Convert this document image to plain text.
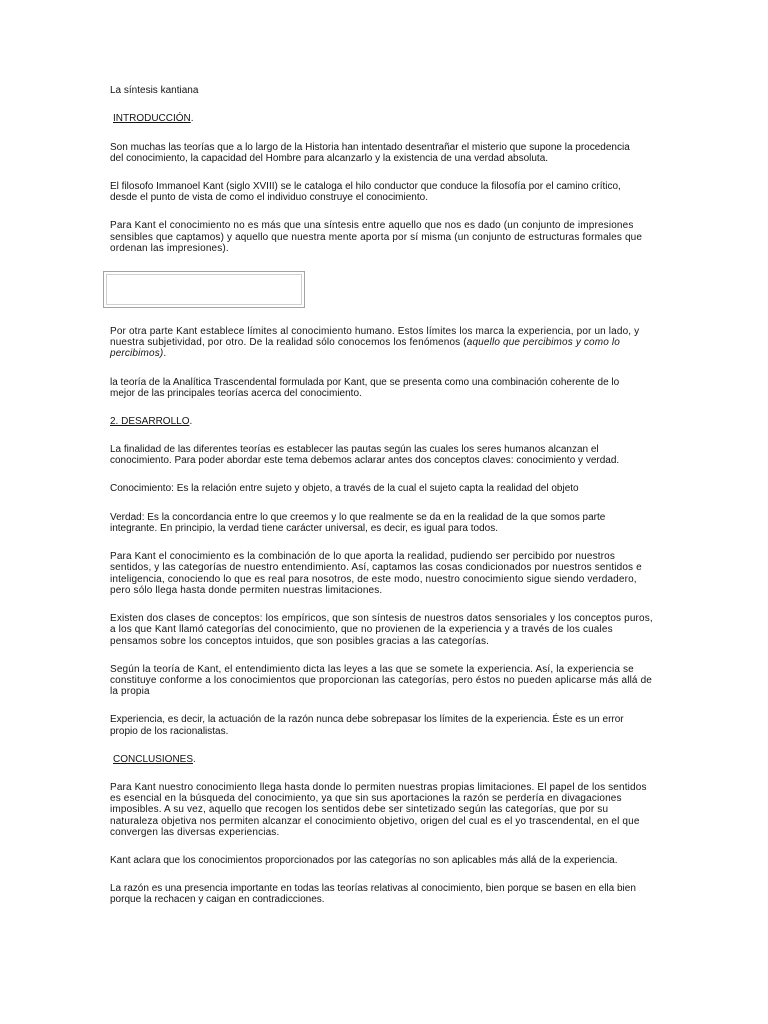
La síntesis kantiana
INTRODUCCIÓN.
Son muchas las teorías que a lo largo de la Historia han intentado desentrañar el misterio que supone la procedencia
del conocimiento, la capacidad del Hombre para alcanzarlo y la existencia de una verdad absoluta.
El filosofo Immanoel Kant (siglo XVIII) se le cataloga el hilo conductor que conduce la filosofía por el camino crítico,
desde el punto de vista de como el individuo construye el conocimiento.
Para Kant el conocimiento no es más que una síntesis entre aquello que nos es dado (un conjunto de impresiones
sensibles que captamos) y aquello que nuestra mente aporta por sí misma (un conjunto de estructuras formales que
ordenan las impresiones).
Por otra parte Kant establece límites al conocimiento humano. Estos límites los marca la experiencia, por un lado, y
nuestra subjetividad, por otro. De la realidad sólo conocemos los fenómenos (aquello que percibimos y como lo
percibimos).
la teoría de la Analítica Trascendental formulada por Kant, que se presenta como una combinación coherente de lo
mejor de las principales teorías acerca del conocimiento.
2. DESARROLLO.
La finalidad de las diferentes teorías es establecer las pautas según las cuales los seres humanos alcanzan el
conocimiento. Para poder abordar este tema debemos aclarar antes dos conceptos claves: conocimiento y verdad.
Conocimiento: Es la relación entre sujeto y objeto, a través de la cual el sujeto capta la realidad del objeto
Verdad: Es la concordancia entre lo que creemos y lo que realmente se da en la realidad de la que somos parte
integrante. En principio, la verdad tiene carácter universal, es decir, es igual para todos.
Para Kant el conocimiento es la combinación de lo que aporta la realidad, pudiendo ser percibido por nuestros
sentidos, y las categorías de nuestro entendimiento. Así, captamos las cosas condicionados por nuestros sentidos e
inteligencia, conociendo lo que es real para nosotros, de este modo, nuestro conocimiento sigue siendo verdadero,
pero sólo llega hasta donde permiten nuestras limitaciones.
Existen dos clases de conceptos: los empíricos, que son síntesis de nuestros datos sensoriales y los conceptos puros,
a los que Kant llamó categorías del conocimiento, que no provienen de la experiencia y a través de los cuales
pensamos sobre los conceptos intuidos, que son posibles gracias a las categorías.
Según la teoría de Kant, el entendimiento dicta las leyes a las que se somete la experiencia. Así, la experiencia se
constituye conforme a los conocimientos que proporcionan las categorías, pero éstos no pueden aplicarse más allá de
la propia
Experiencia, es decir, la actuación de la razón nunca debe sobrepasar los límites de la experiencia. Éste es un error
propio de los racionalistas.
CONCLUSIONES.
Para Kant nuestro conocimiento llega hasta donde lo permiten nuestras propias limitaciones. El papel de los sentidos
es esencial en la búsqueda del conocimiento, ya que sin sus aportaciones la razón se perdería en divagaciones
imposibles. A su vez, aquello que recogen los sentidos debe ser sintetizado según las categorías, que por su
naturaleza objetiva nos permiten alcanzar el conocimiento objetivo, origen del cual es el yo trascendental, en el que
convergen las diversas experiencias.
Kant aclara que los conocimientos proporcionados por las categorías no son aplicables más allá de la experiencia.
La razón es una presencia importante en todas las teorías relativas al conocimiento, bien porque se basen en ella bien
porque la rechacen y caigan en contradicciones.
